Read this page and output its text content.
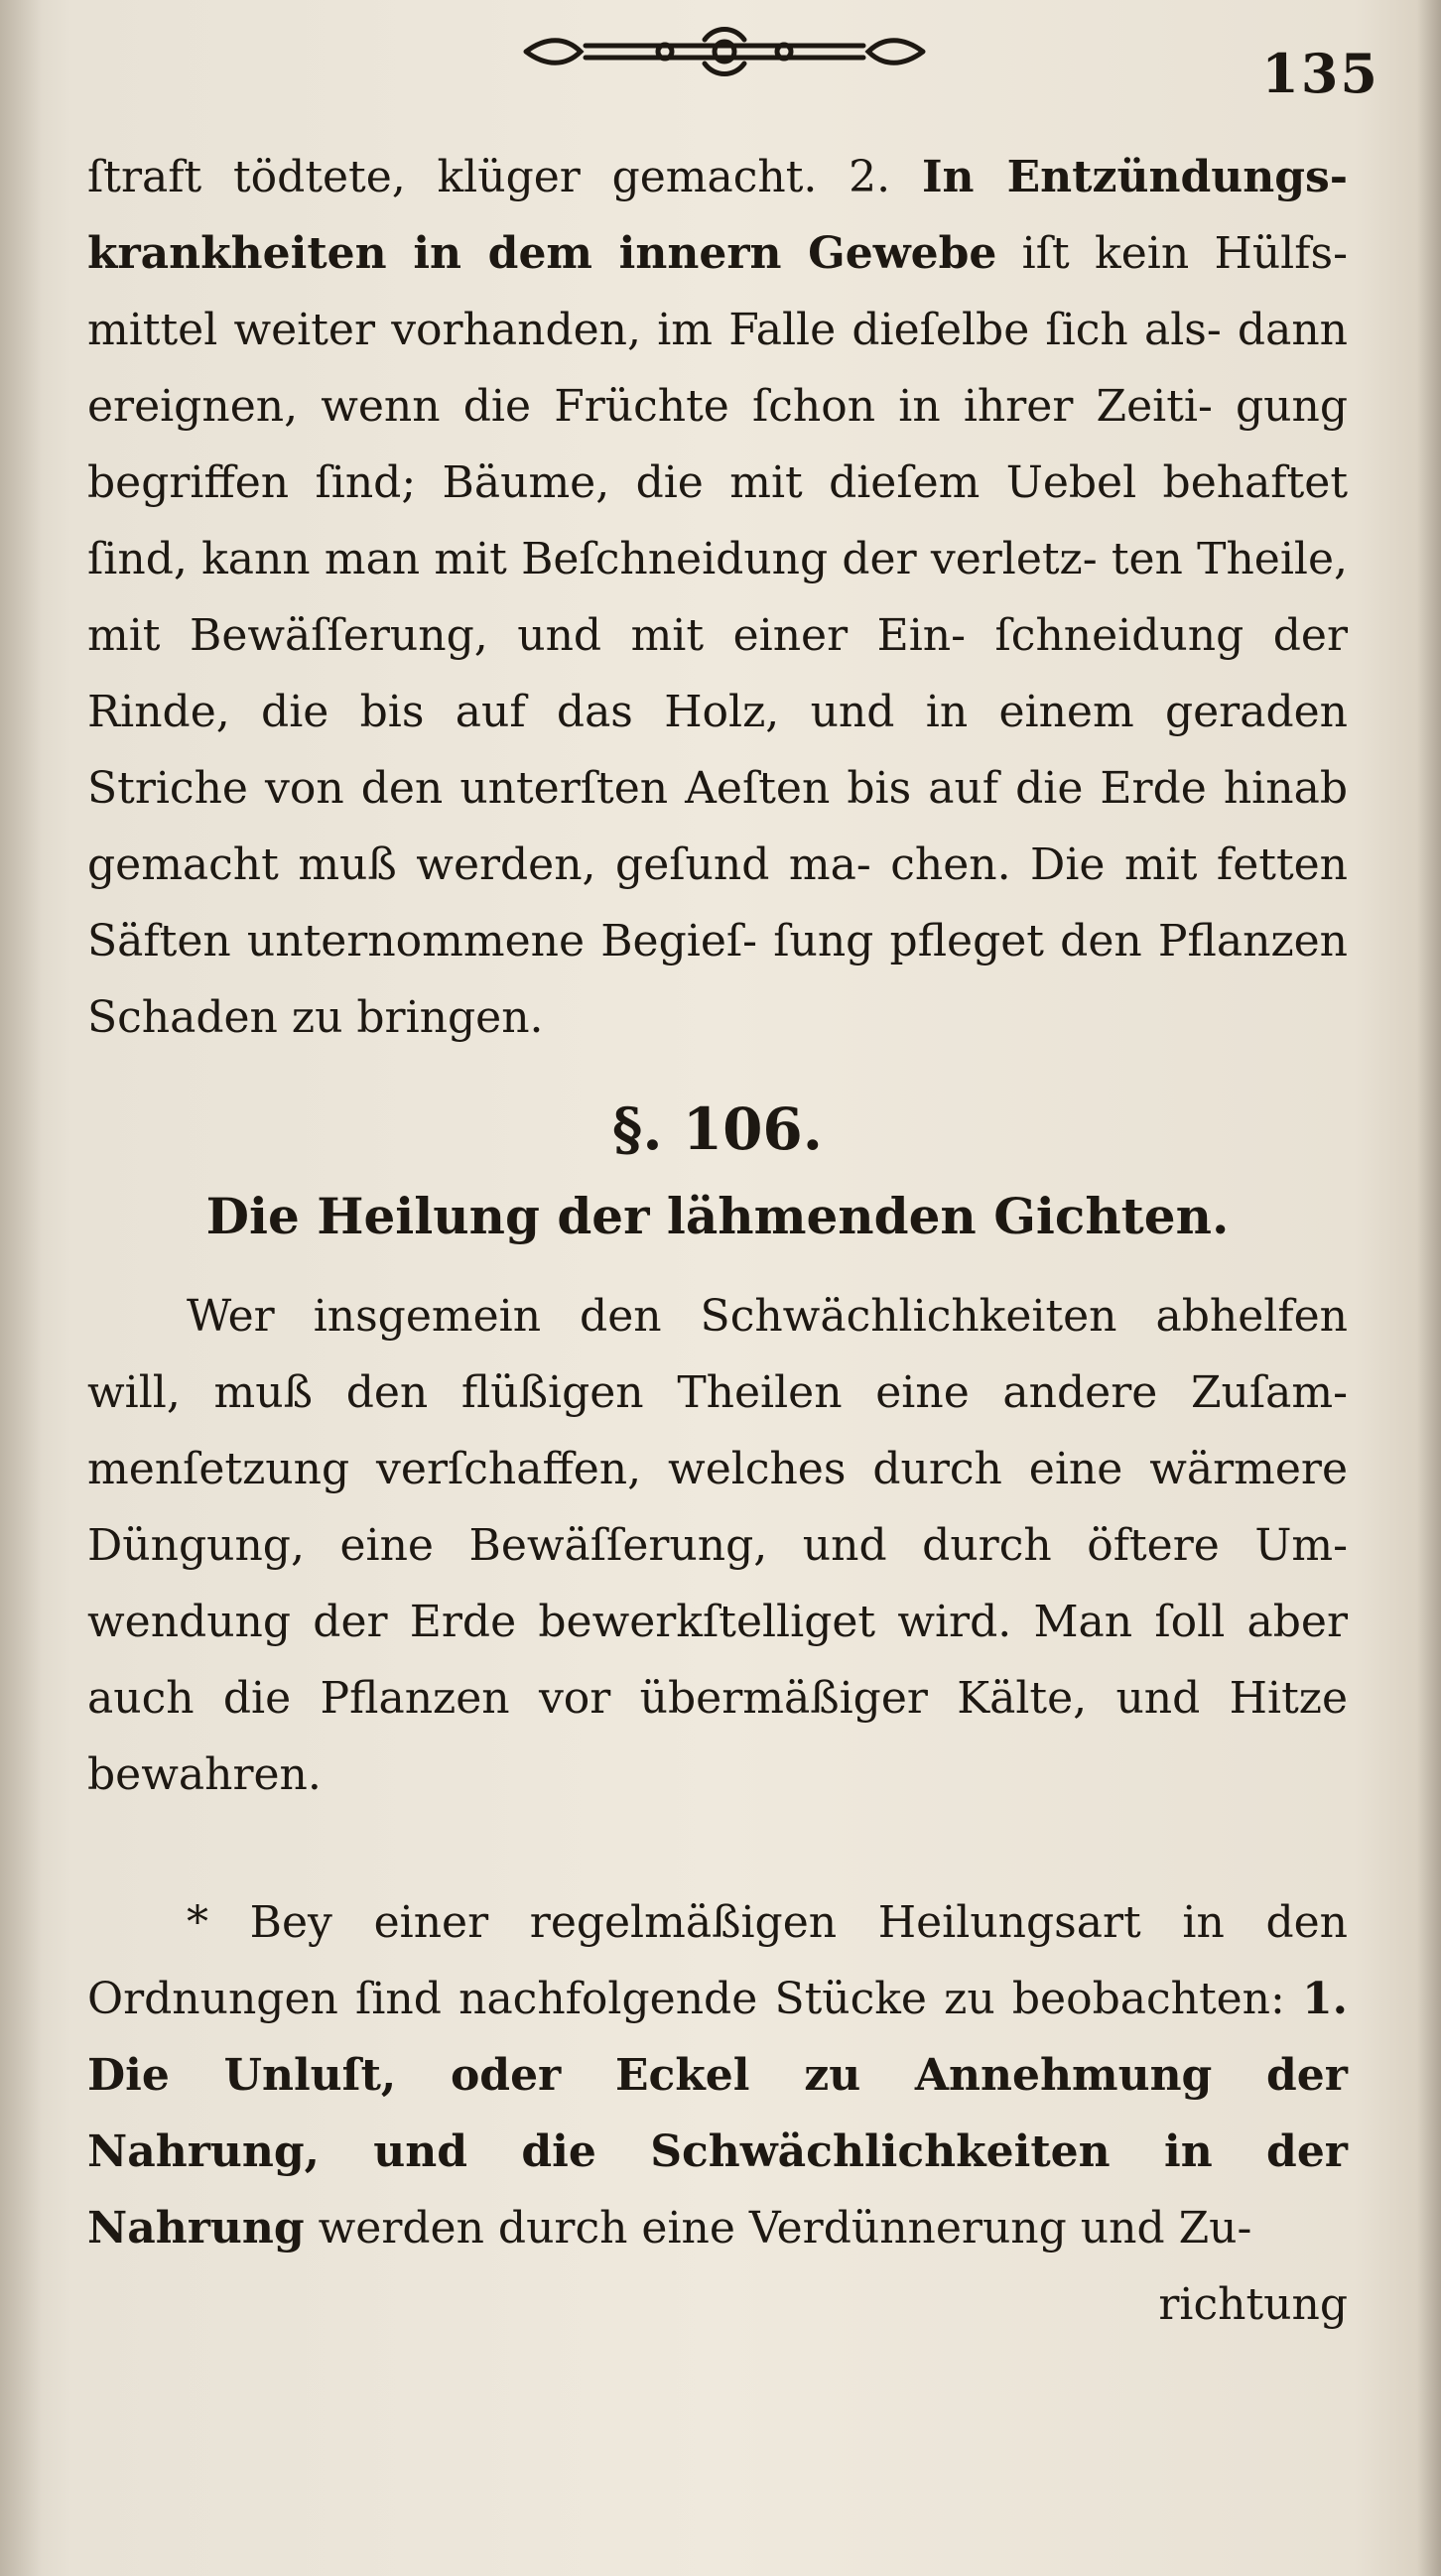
135

ſtraft tödtete, klüger gemacht. 2. In Entzündungs- krankheiten in dem innern Gewebe iſt kein Hülfs- mittel weiter vorhanden, im Falle dieſelbe ſich als- dann ereignen, wenn die Früchte ſchon in ihrer Zeiti- gung begriffen ſind; Bäume, die mit dieſem Uebel behaftet ſind, kann man mit Beſchneidung der verletz- ten Theile, mit Bewäſſerung, und mit einer Ein- ſchneidung der Rinde, die bis auf das Holz, und in einem geraden Striche von den unterſten Aeſten bis auf die Erde hinab gemacht muß werden, geſund ma- chen. Die mit fetten Säften unternommene Begieſ- ſung pfleget den Pflanzen Schaden zu bringen.

§. 106.
Die Heilung der lähmenden Gichten.

Wer insgemein den Schwächlichkeiten abhelfen will, muß den flüßigen Theilen eine andere Zuſam- menſetzung verſchaffen, welches durch eine wärmere Düngung, eine Bewäſſerung, und durch öftere Um- wendung der Erde bewerkſtelliget wird. Man ſoll aber auch die Pflanzen vor übermäßiger Kälte, und Hitze bewahren.

* Bey einer regelmäßigen Heilungsart in den Ordnungen ſind nachfolgende Stücke zu beobachten: 1. Die Unluſt, oder Eckel zu Annehmung der Nahrung, und die Schwächlichkeiten in der Nahrung werden durch eine Verdünnerung und Zu-

richtung
